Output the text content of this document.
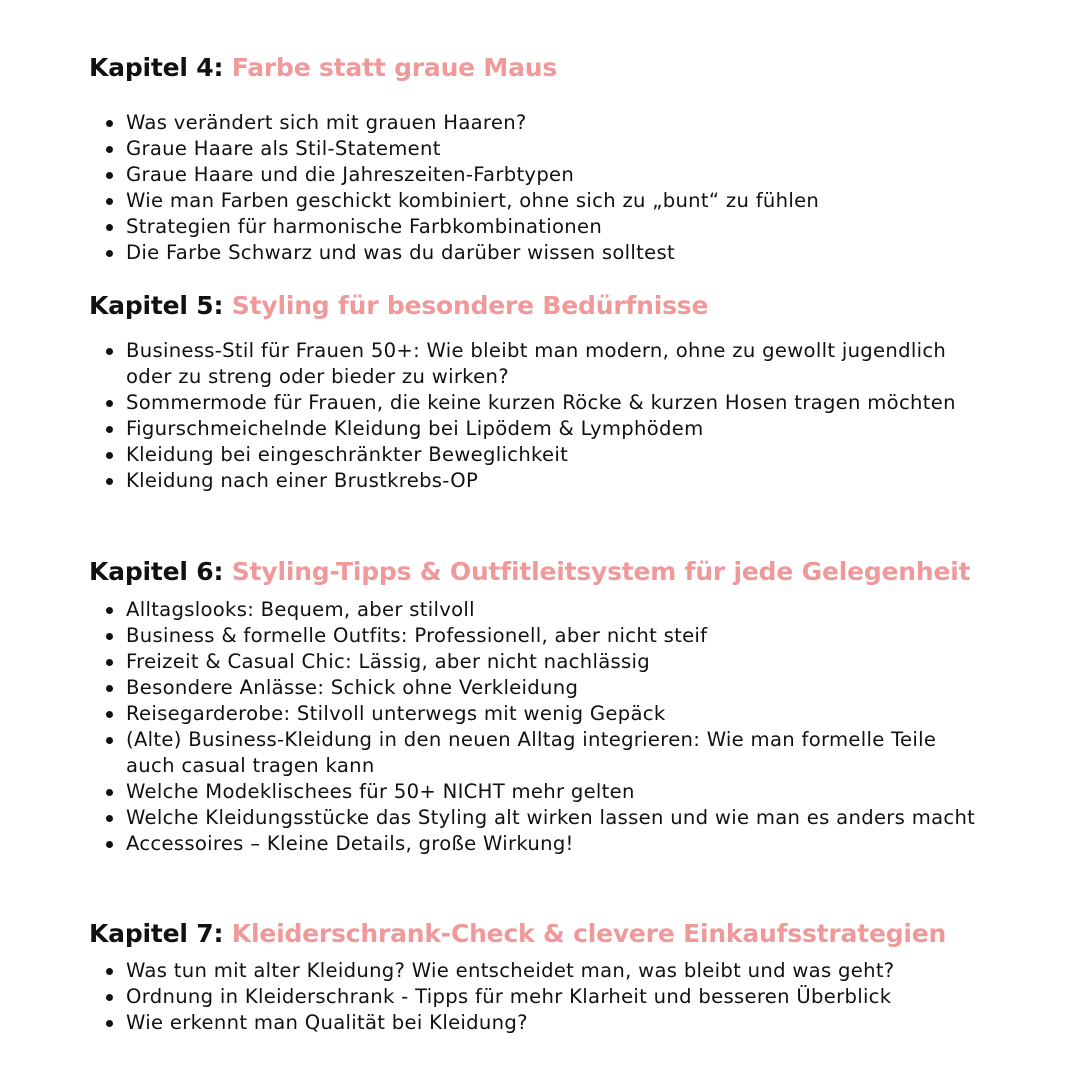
Kapitel 4: Farbe statt graue Maus
Was verändert sich mit grauen Haaren?
Graue Haare als Stil-Statement
Graue Haare und die Jahreszeiten-Farbtypen
Wie man Farben geschickt kombiniert, ohne sich zu „bunt“ zu fühlen
Strategien für harmonische Farbkombinationen
Die Farbe Schwarz und was du darüber wissen solltest
Kapitel 5: Styling für besondere Bedürfnisse
Business-Stil für Frauen 50+: Wie bleibt man modern, ohne zu gewollt jugendlich oder zu streng oder bieder zu wirken?
Sommermode für Frauen, die keine kurzen Röcke & kurzen Hosen tragen möchten
Figurschmeichelnde Kleidung bei Lipödem & Lymphödem
Kleidung bei eingeschränkter Beweglichkeit
Kleidung nach einer Brustkrebs-OP
Kapitel 6: Styling-Tipps & Outfitleitsystem für jede Gelegenheit
Alltagslooks: Bequem, aber stilvoll
Business & formelle Outfits: Professionell, aber nicht steif
Freizeit & Casual Chic: Lässig, aber nicht nachlässig
Besondere Anlässe: Schick ohne Verkleidung
Reisegarderobe: Stilvoll unterwegs mit wenig Gepäck
(Alte) Business-Kleidung in den neuen Alltag integrieren: Wie man formelle Teile auch casual tragen kann
Welche Modeklischees für 50+ NICHT mehr gelten
Welche Kleidungsstücke das Styling alt wirken lassen und wie man es anders macht
Accessoires – Kleine Details, große Wirkung!
Kapitel 7: Kleiderschrank-Check & clevere Einkaufsstrategien
Was tun mit alter Kleidung? Wie entscheidet man, was bleibt und was geht?
Ordnung in Kleiderschrank - Tipps für mehr Klarheit und besseren Überblick
Wie erkennt man Qualität bei Kleidung?
